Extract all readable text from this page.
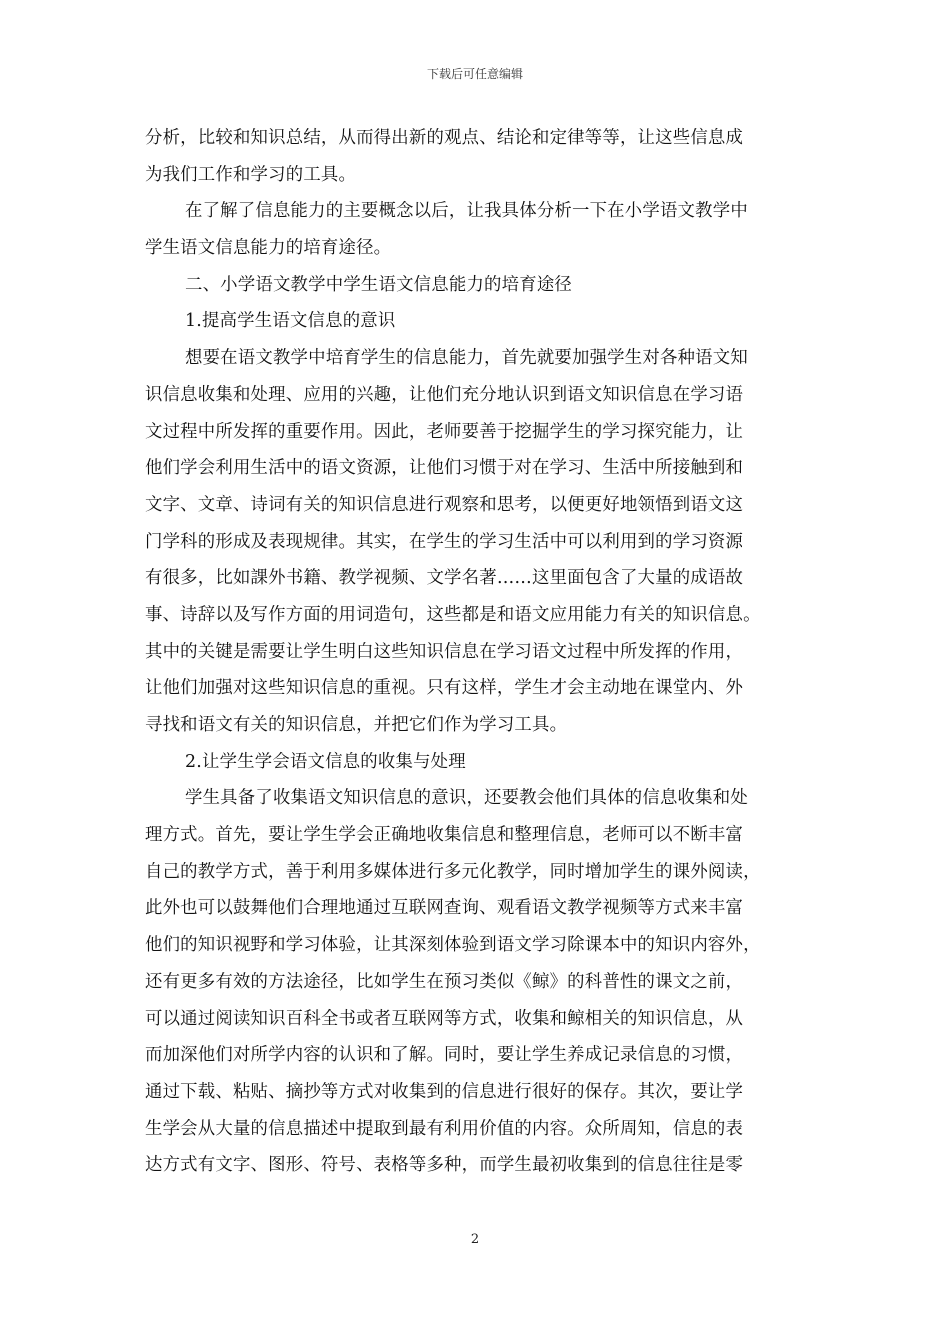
下载后可任意编辑
分析，比较和知识总结，从而得出新的观点、结论和定律等等，让这些信息成
为我们工作和学习的工具。
在了解了信息能力的主要概念以后，让我具体分析一下在小学语文教学中
学生语文信息能力的培育途径。
二、小学语文教学中学生语文信息能力的培育途径
1.提高学生语文信息的意识
想要在语文教学中培育学生的信息能力，首先就要加强学生对各种语文知
识信息收集和处理、应用的兴趣，让他们充分地认识到语文知识信息在学习语
文过程中所发挥的重要作用。因此，老师要善于挖掘学生的学习探究能力，让
他们学会利用生活中的语文资源，让他们习惯于对在学习、生活中所接触到和
文字、文章、诗词有关的知识信息进行观察和思考，以便更好地领悟到语文这
门学科的形成及表现规律。其实，在学生的学习生活中可以利用到的学习资源
有很多，比如課外书籍、教学视频、文学名著……这里面包含了大量的成语故
事、诗辞以及写作方面的用词造句，这些都是和语文应用能力有关的知识信息。
其中的关键是需要让学生明白这些知识信息在学习语文过程中所发挥的作用，
让他们加强对这些知识信息的重视。只有这样，学生才会主动地在课堂内、外
寻找和语文有关的知识信息，并把它们作为学习工具。
2.让学生学会语文信息的收集与处理
学生具备了收集语文知识信息的意识，还要教会他们具体的信息收集和处
理方式。首先，要让学生学会正确地收集信息和整理信息，老师可以不断丰富
自己的教学方式，善于利用多媒体进行多元化教学，同时增加学生的课外阅读，
此外也可以鼓舞他们合理地通过互联网查询、观看语文教学视频等方式来丰富
他们的知识视野和学习体验，让其深刻体验到语文学习除课本中的知识内容外，
还有更多有效的方法途径，比如学生在预习类似《鲸》的科普性的课文之前，
可以通过阅读知识百科全书或者互联网等方式，收集和鲸相关的知识信息，从
而加深他们对所学内容的认识和了解。同时，要让学生养成记录信息的习惯，
通过下载、粘贴、摘抄等方式对收集到的信息进行很好的保存。其次，要让学
生学会从大量的信息描述中提取到最有利用价值的内容。众所周知，信息的表
达方式有文字、图形、符号、表格等多种，而学生最初收集到的信息往往是零
2
